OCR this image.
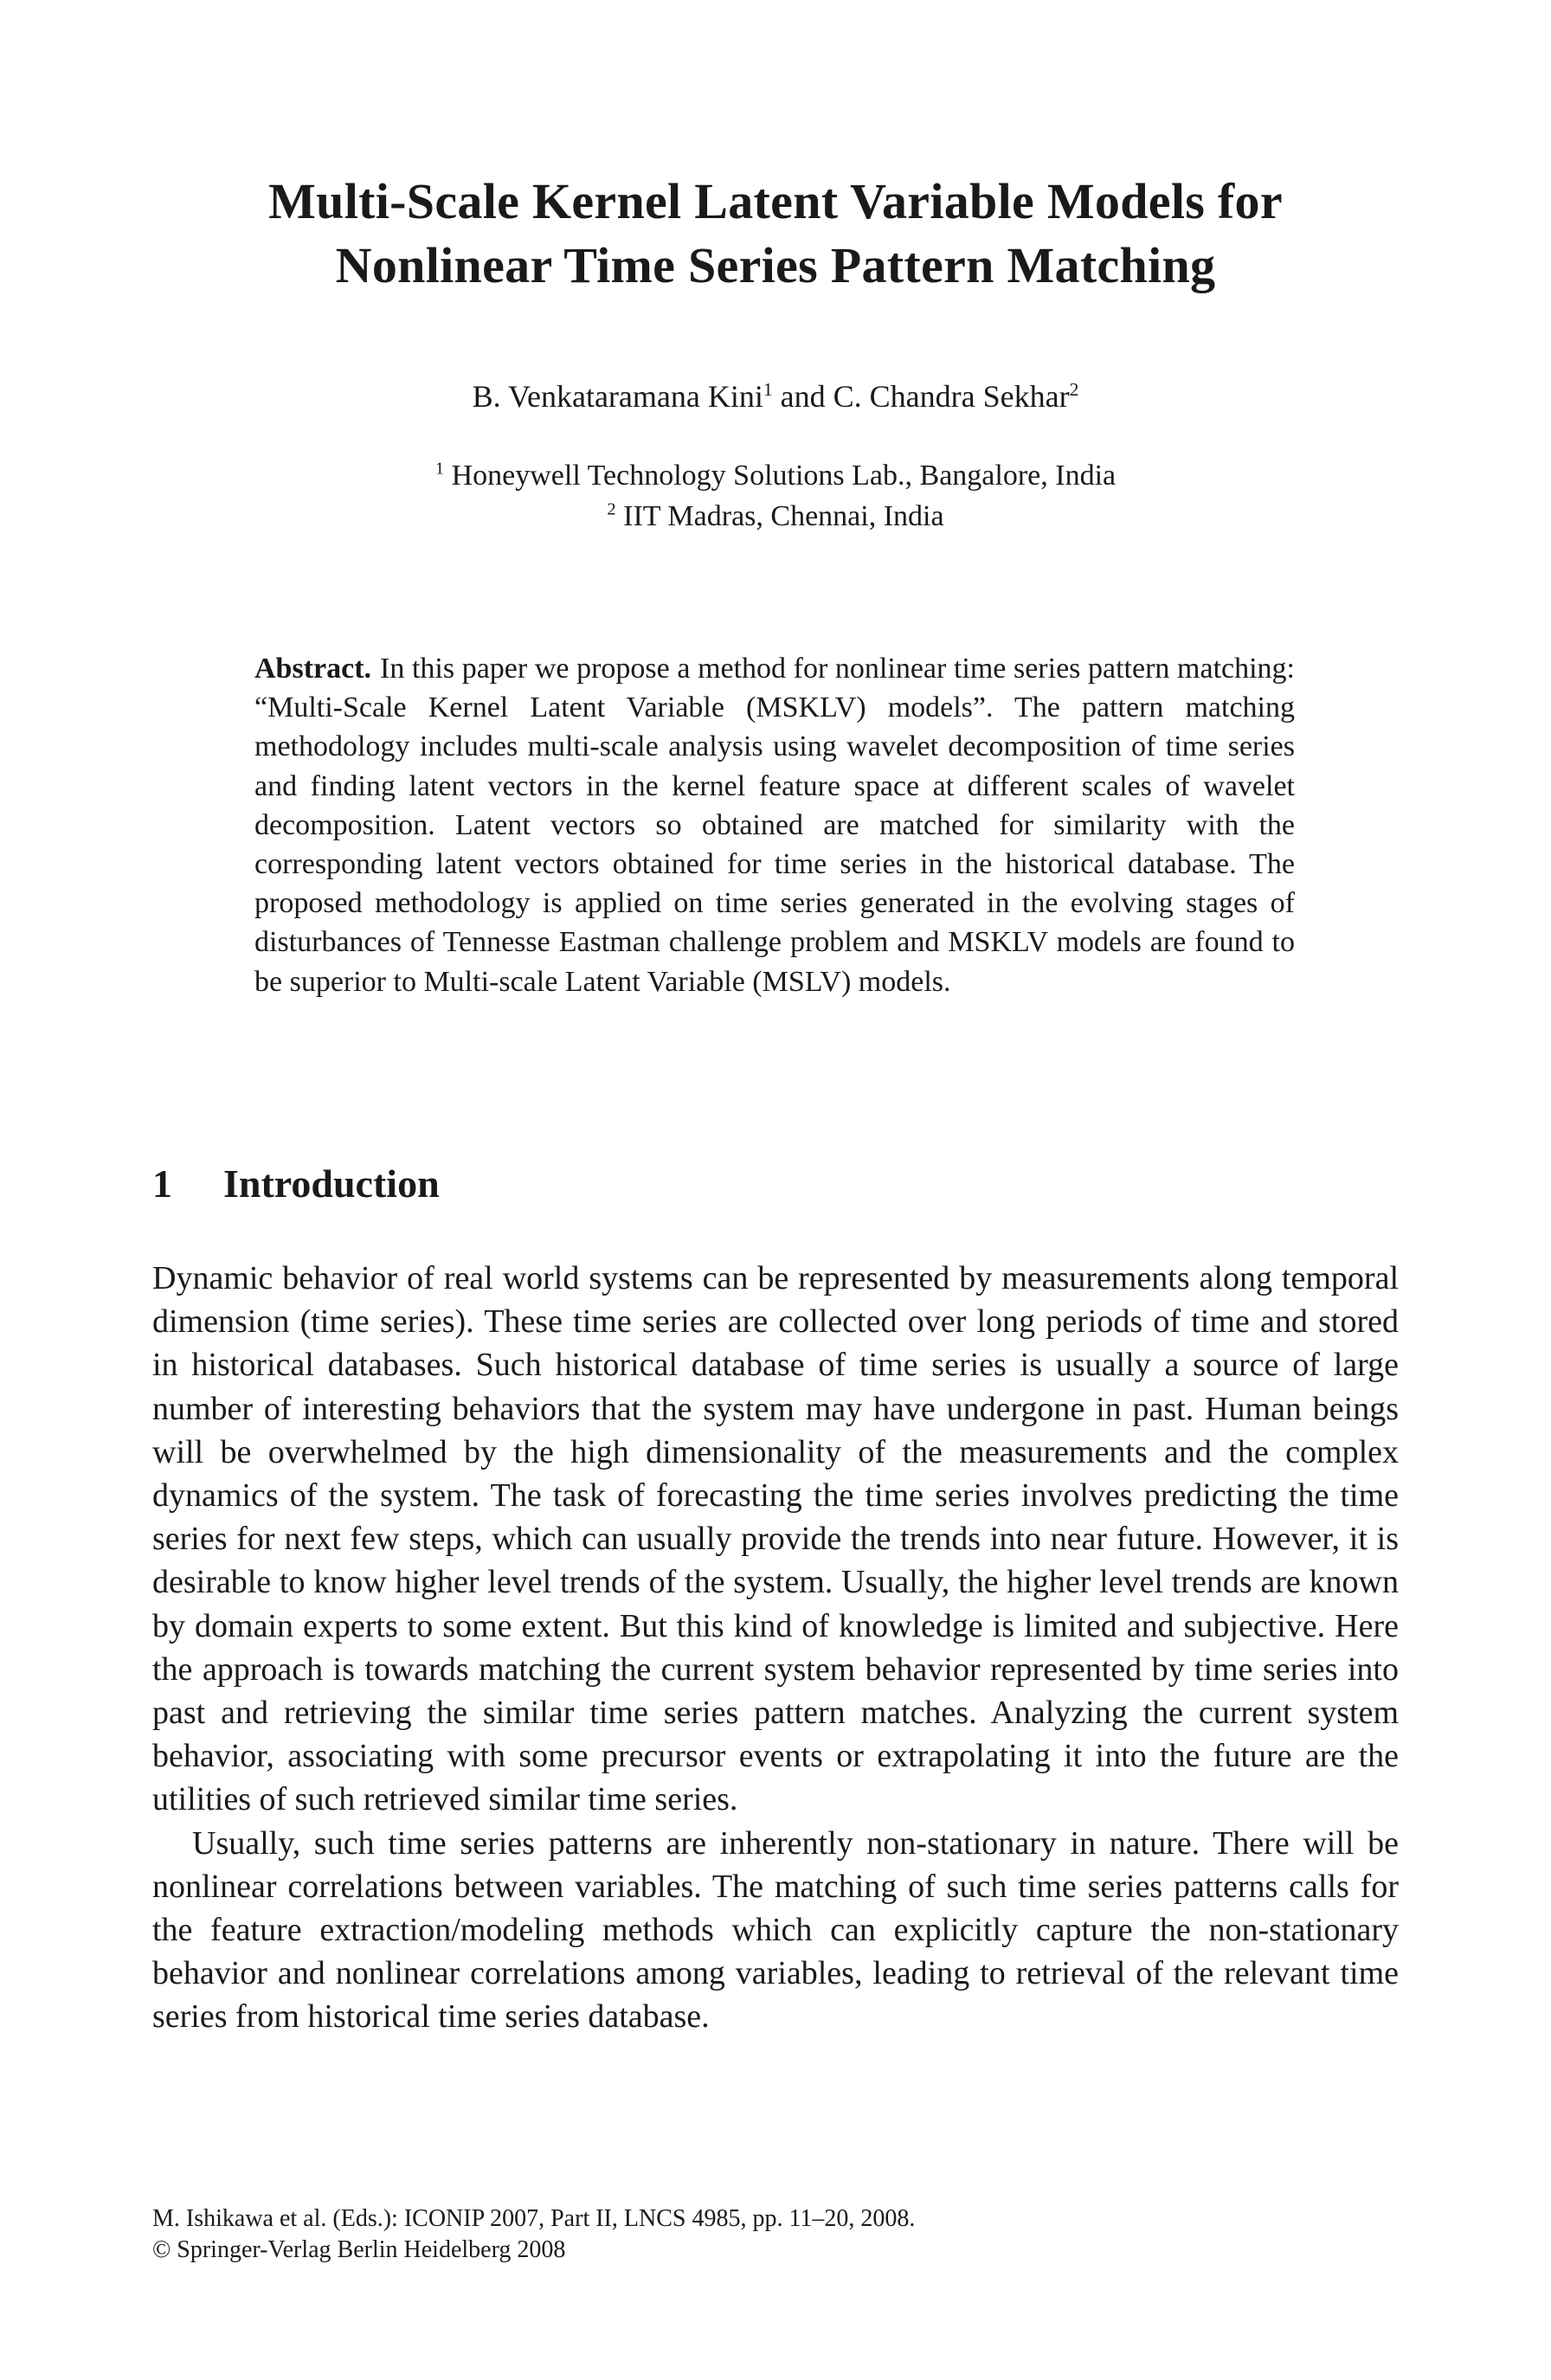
Multi-Scale Kernel Latent Variable Models for
Nonlinear Time Series Pattern Matching
B. Venkataramana Kini$^1$ and C. Chandra Sekhar$^2$
$^1$ Honeywell Technology Solutions Lab., Bangalore, India
$^2$ IIT Madras, Chennai, India
Abstract. In this paper we propose a method for nonlinear time series pattern matching: “Multi-Scale Kernel Latent Variable (MSKLV) models”. The pattern matching methodology includes multi-scale analysis using wavelet decomposition of time series and finding latent vectors in the kernel feature space at different scales of wavelet decomposition. Latent vectors so obtained are matched for similarity with the corresponding latent vectors obtained for time series in the historical database. The proposed methodology is applied on time series generated in the evolving stages of disturbances of Tennesse Eastman challenge problem and MSKLV models are found to be superior to Multi-scale Latent Variable (MSLV) models.
1 Introduction

Dynamic behavior of real world systems can be represented by measurements along temporal dimension (time series). These time series are collected over long periods of time and stored in historical databases. Such historical database of time series is usually a source of large number of interesting behaviors that the system may have undergone in past. Human beings will be overwhelmed by the high dimensionality of the measurements and the complex dynamics of the system. The task of forecasting the time series involves predicting the time series for next few steps, which can usually provide the trends into near future. However, it is desirable to know higher level trends of the system. Usually, the higher level trends are known by domain experts to some extent. But this kind of knowledge is limited and subjective. Here the approach is towards matching the current system behavior represented by time series into past and retrieving the similar time series pattern matches. Analyzing the current system behavior, associating with some precursor events or extrapolating it into the future are the utilities of such retrieved similar time series.

Usually, such time series patterns are inherently non-stationary in nature. There will be nonlinear correlations between variables. The matching of such time series patterns calls for the feature extraction/modeling methods which can explicitly capture the non-stationary behavior and nonlinear correlations among variables, leading to retrieval of the relevant time series from historical time series database.

M. Ishikawa et al. (Eds.): ICONIP 2007, Part II, LNCS 4985, pp. 11–20, 2008.
© Springer-Verlag Berlin Heidelberg 2008
